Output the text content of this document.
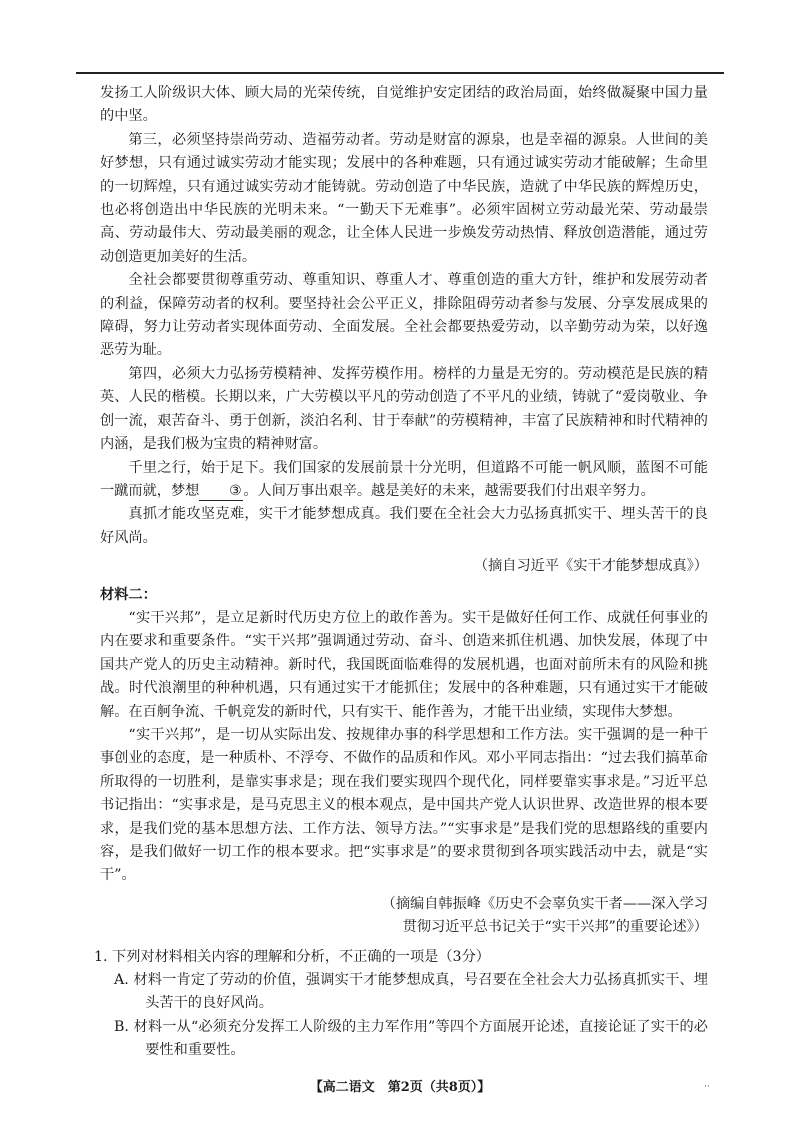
发扬工人阶级识大体、顾大局的光荣传统，自觉维护安定团结的政治局面，始终做凝聚中国力量的中坚。

第三，必须坚持崇尚劳动、造福劳动者。劳动是财富的源泉，也是幸福的源泉。人世间的美好梦想，只有通过诚实劳动才能实现；发展中的各种难题，只有通过诚实劳动才能破解；生命里的一切辉煌，只有通过诚实劳动才能铸就。劳动创造了中华民族，造就了中华民族的辉煌历史，也必将创造出中华民族的光明未来。“一勤天下无难事”。必须牢固树立劳动最光荣、劳动最崇高、劳动最伟大、劳动最美丽的观念，让全体人民进一步焕发劳动热情、释放创造潜能，通过劳动创造更加美好的生活。

全社会都要贯彻尊重劳动、尊重知识、尊重人才、尊重创造的重大方针，维护和发展劳动者的利益，保障劳动者的权利。要坚持社会公平正义，排除阻碍劳动者参与发展、分享发展成果的障碍，努力让劳动者实现体面劳动、全面发展。全社会都要热爱劳动，以辛勤劳动为荣，以好逸恶劳为耻。

第四，必须大力弘扬劳模精神、发挥劳模作用。榜样的力量是无穷的。劳动模范是民族的精英、人民的楷模。长期以来，广大劳模以平凡的劳动创造了不平凡的业绩，铸就了“爱岗敬业、争创一流，艰苦奋斗、勇于创新，淡泊名利、甘于奉献”的劳模精神，丰富了民族精神和时代精神的内涵，是我们极为宝贵的精神财富。

千里之行，始于足下。我们国家的发展前景十分光明，但道路不可能一帆风顺，蓝图不可能一蹴而就，梦想 ③。人间万事出艰辛。越是美好的未来，越需要我们付出艰辛努力。

真抓才能攻坚克难，实干才能梦想成真。我们要在全社会大力弘扬真抓实干、埋头苦干的良好风尚。

（摘自习近平《实干才能梦想成真》）

材料二：

“实干兴邦”，是立足新时代历史方位上的敢作善为。实干是做好任何工作、成就任何事业的内在要求和重要条件。“实干兴邦”强调通过劳动、奋斗、创造来抓住机遇、加快发展，体现了中国共产党人的历史主动精神。新时代，我国既面临难得的发展机遇，也面对前所未有的风险和挑战。时代浪潮里的种种机遇，只有通过实干才能抓住；发展中的各种难题，只有通过实干才能破解。在百舸争流、千帆竞发的新时代，只有实干、能作善为，才能干出业绩，实现伟大梦想。

“实干兴邦”，是一切从实际出发、按规律办事的科学思想和工作方法。实干强调的是一种干事创业的态度，是一种质朴、不浮夸、不做作的品质和作风。邓小平同志指出：“过去我们搞革命所取得的一切胜利，是靠实事求是；现在我们要实现四个现代化，同样要靠实事求是。”习近平总书记指出：“实事求是，是马克思主义的根本观点，是中国共产党人认识世界、改造世界的根本要求，是我们党的基本思想方法、工作方法、领导方法。”“实事求是”是我们党的思想路线的重要内容，是我们做好一切工作的根本要求。把“实事求是”的要求贯彻到各项实践活动中去，就是“实干”。

（摘编自韩振峰《历史不会辜负实干者——深入学习

贯彻习近平总书记关于“实干兴邦”的重要论述》）

1. 下列对材料相关内容的理解和分析，不正确的一项是（3分）

A. 材料一肯定了劳动的价值，强调实干才能梦想成真，号召要在全社会大力弘扬真抓实干、埋头苦干的良好风尚。

B. 材料一从“必须充分发挥工人阶级的主力军作用”等四个方面展开论述，直接论证了实干的必要性和重要性。

【高二语文　第2页（共8页）】	··
